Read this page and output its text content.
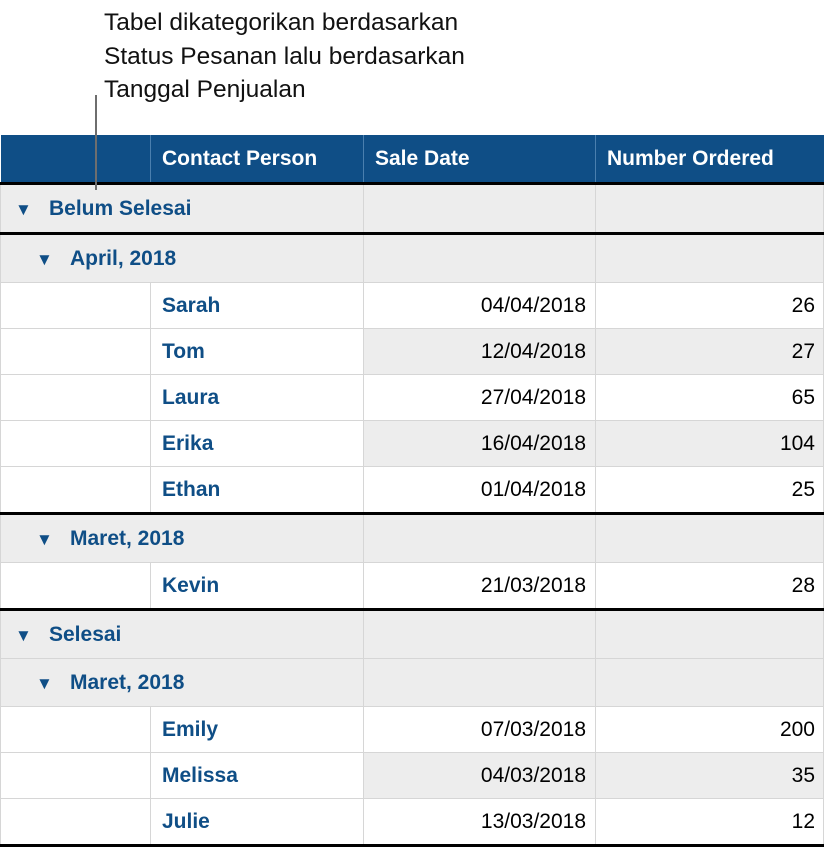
Tabel dikategorikan berdasarkan
Status Pesanan lalu berdasarkan
Tanggal Penjualan
	Contact Person	Sale Date	Number Ordered
▼ Belum Selesai			
▼ April, 2018			
	Sarah	04/04/2018	26
	Tom	12/04/2018	27
	Laura	27/04/2018	65
	Erika	16/04/2018	104
	Ethan	01/04/2018	25
▼ Maret, 2018			
	Kevin	21/03/2018	28
▼ Selesai			
▼ Maret, 2018			
	Emily	07/03/2018	200
	Melissa	04/03/2018	35
	Julie	13/03/2018	12
